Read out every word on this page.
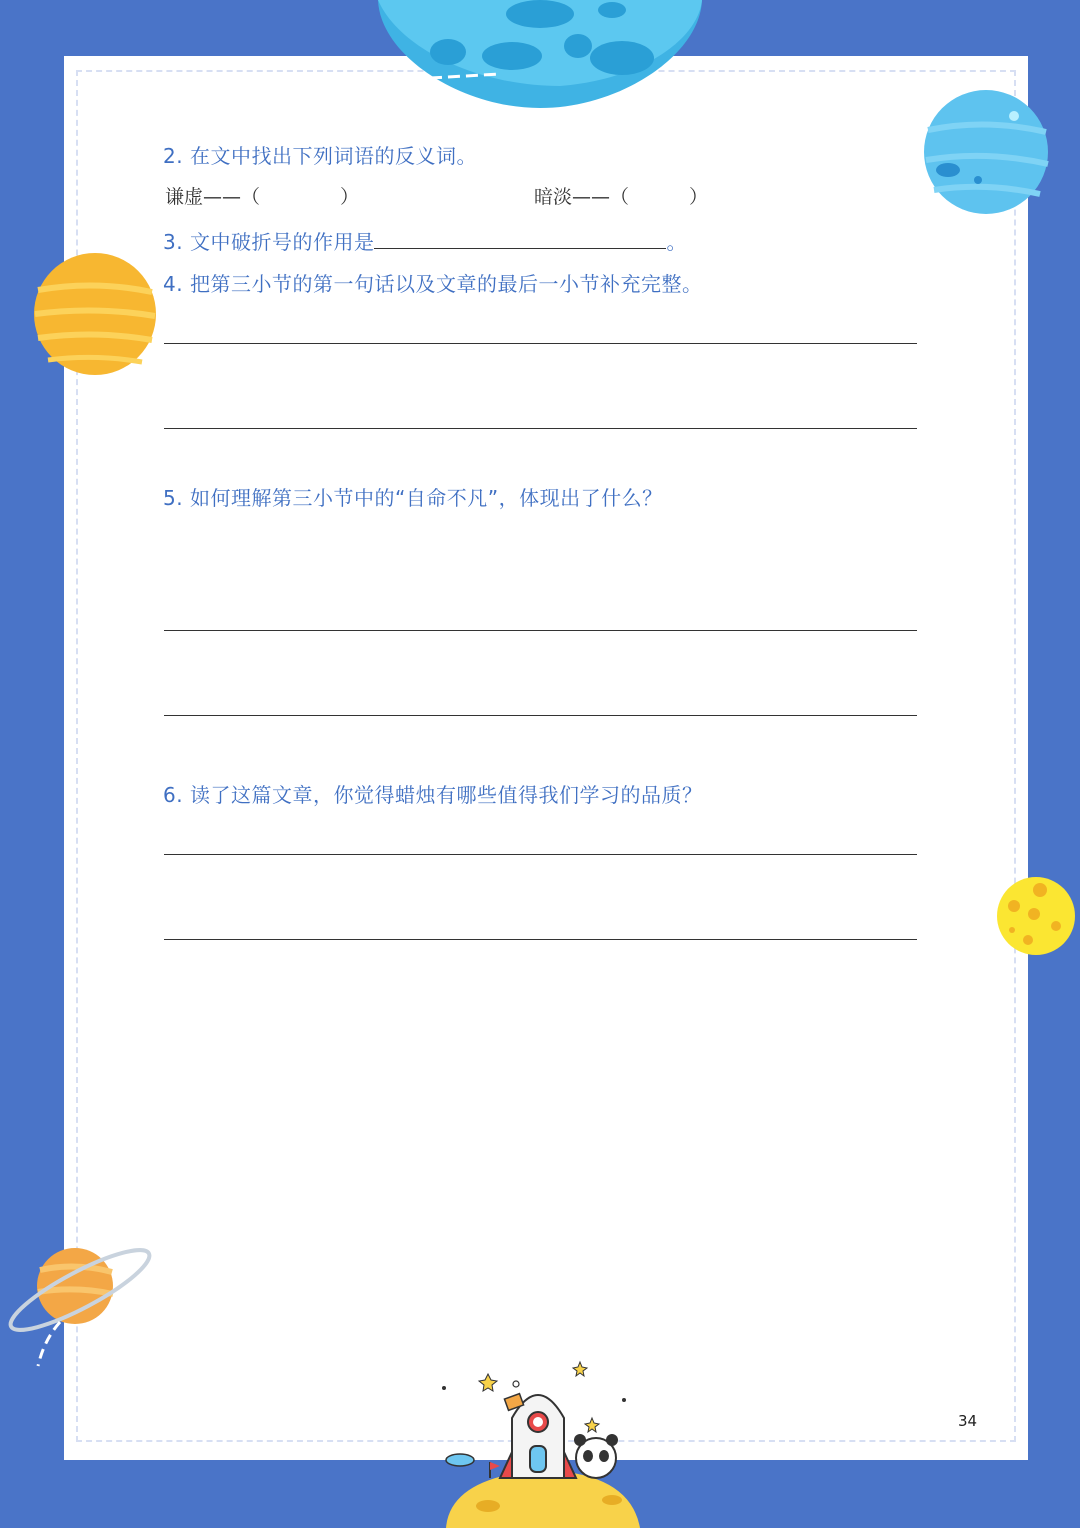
2. 在文中找出下列词语的反义词。
谦虚——（	）	暗淡——（	）
3. 文中破折号的作用是	。
4. 把第三小节的第一句话以及文章的最后一小节补充完整。
5. 如何理解第三小节中的“自命不凡”，体现出了什么？
6. 读了这篇文章，你觉得蜡烛有哪些值得我们学习的品质？
34
